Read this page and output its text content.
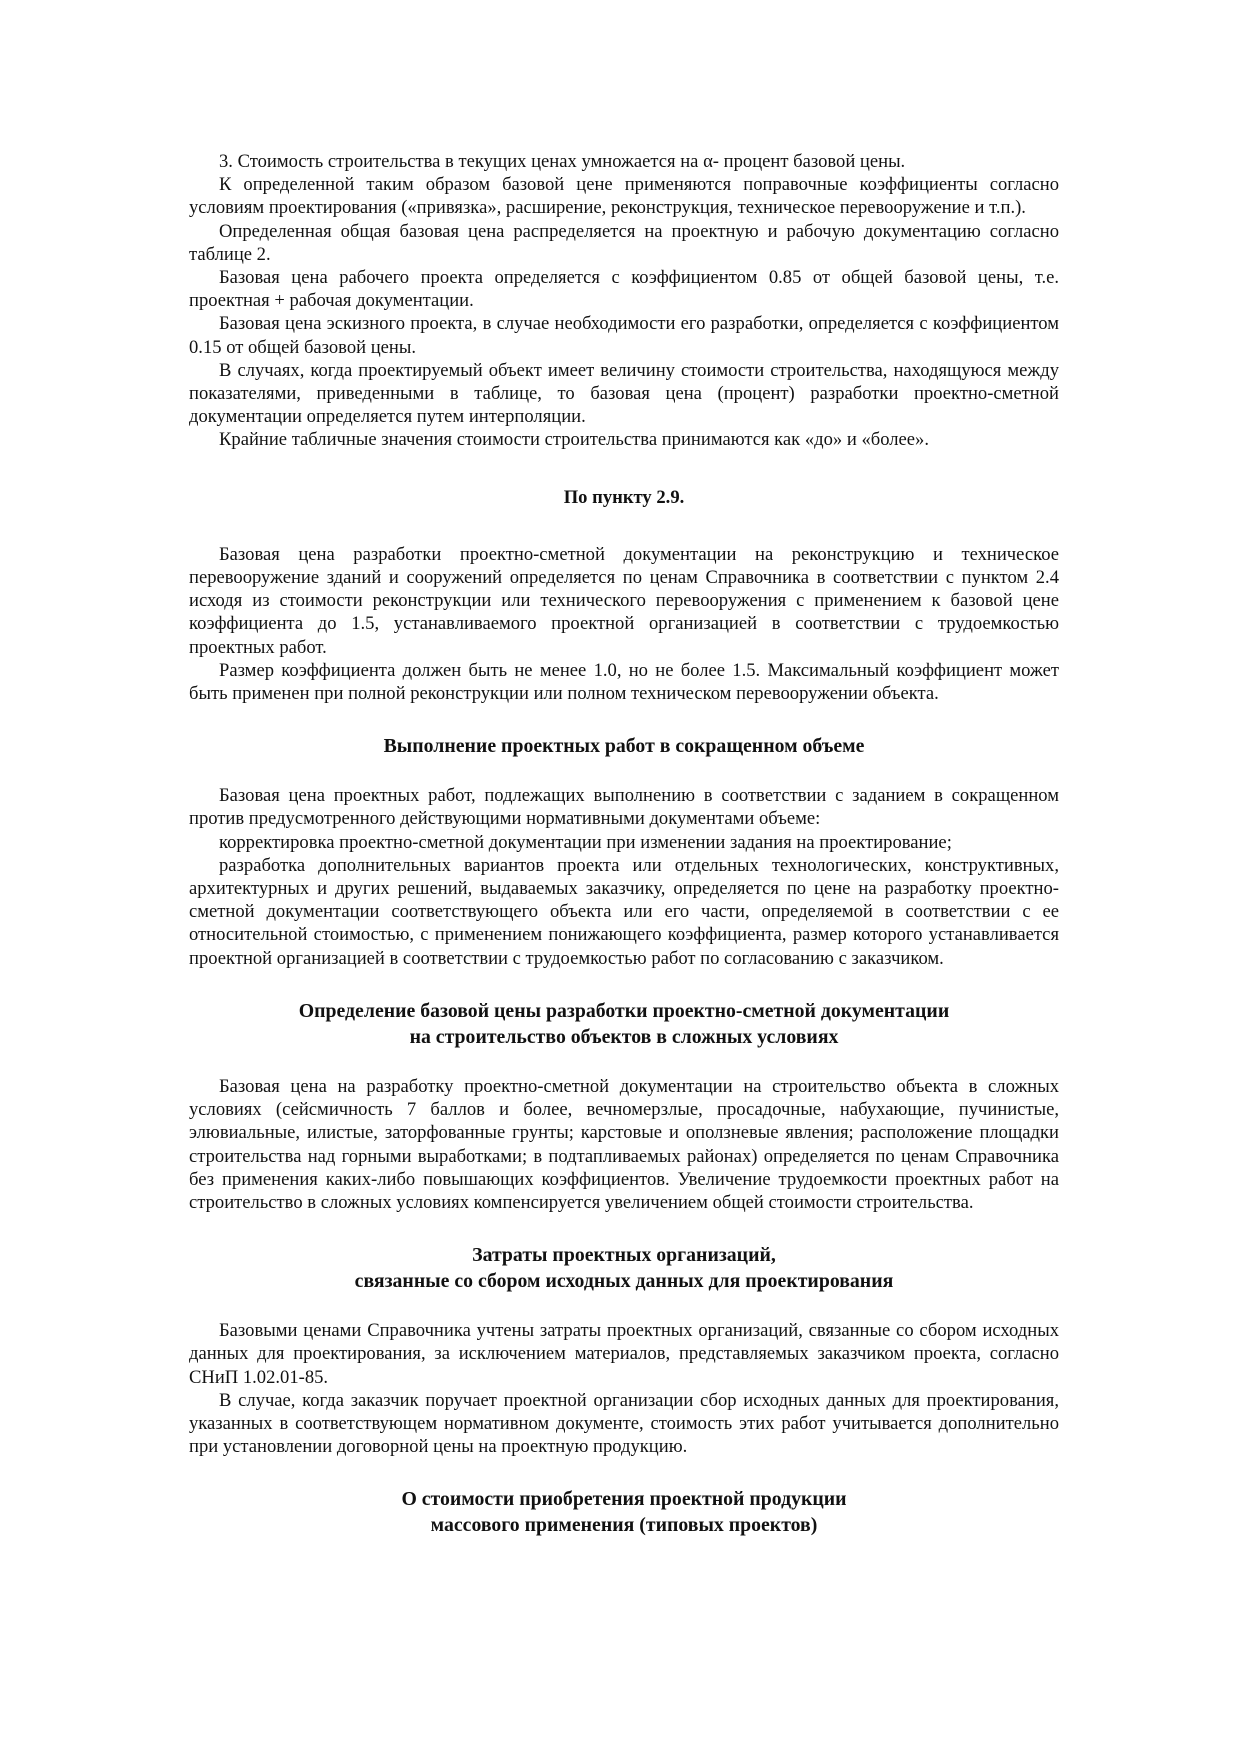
3. Стоимость строительства в текущих ценах умножается на α- процент базовой цены.

К определенной таким образом базовой цене применяются поправочные коэффициенты согласно условиям проектирования («привязка», расширение, реконструкция, техническое перевооружение и т.п.).

Определенная общая базовая цена распределяется на проектную и рабочую документацию согласно таблице 2.

Базовая цена рабочего проекта определяется с коэффициентом 0.85 от общей базовой цены, т.е. проектная + рабочая документации.

Базовая цена эскизного проекта, в случае необходимости его разработки, определяется с коэффициентом 0.15 от общей базовой цены.

В случаях, когда проектируемый объект имеет величину стоимости строительства, находящуюся между показателями, приведенными в таблице, то базовая цена (процент) разработки проектно-сметной документации определяется путем интерполяции.

Крайние табличные значения стоимости строительства принимаются как «до» и «более».

По пункту 2.9.

Базовая цена разработки проектно-сметной документации на реконструкцию и техническое перевооружение зданий и сооружений определяется по ценам Справочника в соответствии с пунктом 2.4 исходя из стоимости реконструкции или технического перевооружения с применением к базовой цене коэффициента до 1.5, устанавливаемого проектной организацией в соответствии с трудоемкостью проектных работ.

Размер коэффициента должен быть не менее 1.0, но не более 1.5. Максимальный коэффициент может быть применен при полной реконструкции или полном техническом перевооружении объекта.

Выполнение проектных работ в сокращенном объеме

Базовая цена проектных работ, подлежащих выполнению в соответствии с заданием в сокращенном против предусмотренного действующими нормативными документами объеме:

корректировка проектно-сметной документации при изменении задания на проектирование;

разработка дополнительных вариантов проекта или отдельных технологических, конструктивных, архитектурных и других решений, выдаваемых заказчику, определяется по цене на разработку проектно-сметной документации соответствующего объекта или его части, определяемой в соответствии с ее относительной стоимостью, с применением понижающего коэффициента, размер которого устанавливается проектной организацией в соответствии с трудоемкостью работ по согласованию с заказчиком.

Определение базовой цены разработки проектно-сметной документации

на строительство объектов в сложных условиях

Базовая цена на разработку проектно-сметной документации на строительство объекта в сложных условиях (сейсмичность 7 баллов и более, вечномерзлые, просадочные, набухающие, пучинистые, элювиальные, илистые, заторфованные грунты; карстовые и оползневые явления; расположение площадки строительства над горными выработками; в подтапливаемых районах) определяется по ценам Справочника без применения каких-либо повышающих коэффициентов. Увеличение трудоемкости проектных работ на строительство в сложных условиях компенсируется увеличением общей стоимости строительства.

Затраты проектных организаций,

связанные со сбором исходных данных для проектирования

Базовыми ценами Справочника учтены затраты проектных организаций, связанные со сбором исходных данных для проектирования, за исключением материалов, представляемых заказчиком проекта, согласно СНиП 1.02.01-85.

В случае, когда заказчик поручает проектной организации сбор исходных данных для проектирования, указанных в соответствующем нормативном документе, стоимость этих работ учитывается дополнительно при установлении договорной цены на проектную продукцию.

О стоимости приобретения проектной продукции

массового применения (типовых проектов)
